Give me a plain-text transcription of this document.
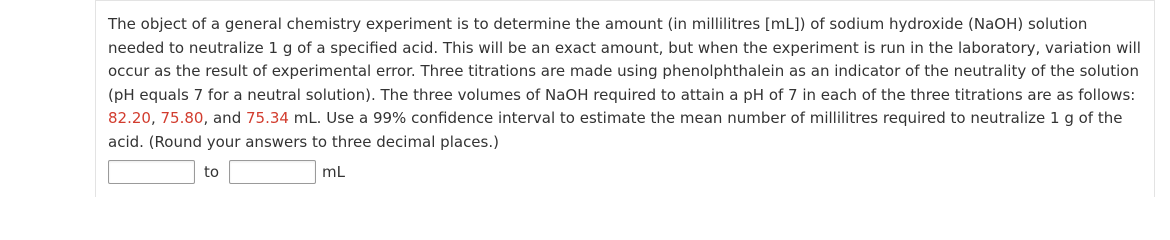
The object of a general chemistry experiment is to determine the amount (in millilitres [mL]) of sodium hydroxide (NaOH) solution needed to neutralize 1 g of a specified acid. This will be an exact amount, but when the experiment is run in the laboratory, variation will occur as the result of experimental error. Three titrations are made using phenolphthalein as an indicator of the neutrality of the solution (pH equals 7 for a neutral solution). The three volumes of NaOH required to attain a pH of 7 in each of the three titrations are as follows: 82.20, 75.80, and 75.34 mL. Use a 99% confidence interval to estimate the mean number of millilitres required to neutralize 1 g of the acid. (Round your answers to three decimal places.)

to	mL
